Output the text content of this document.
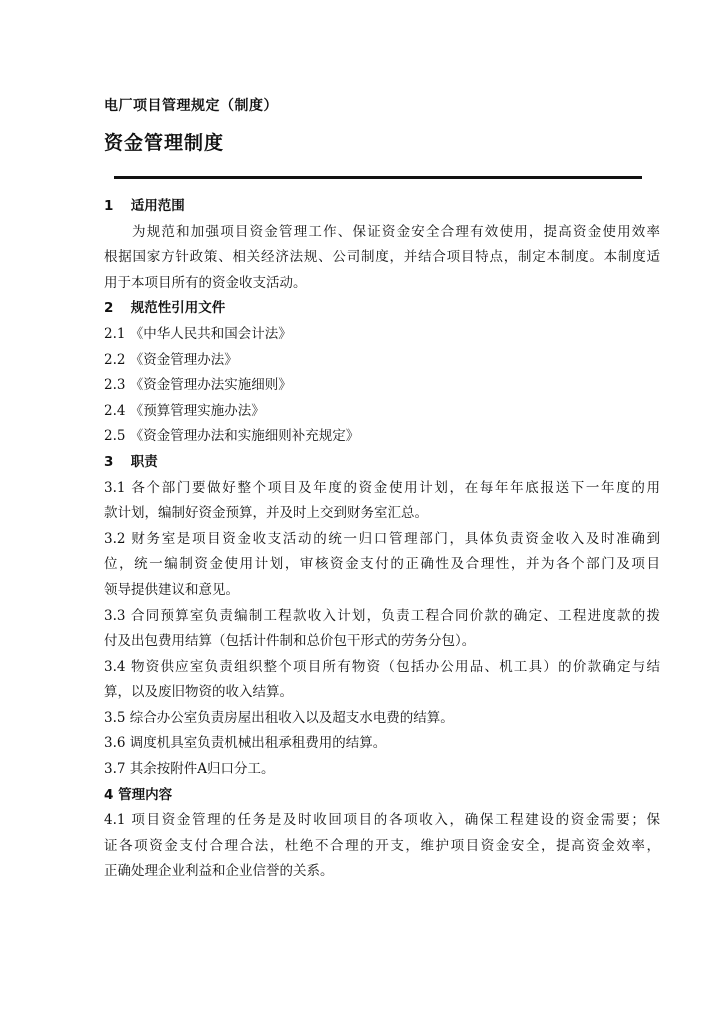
电厂项目管理规定（制度）
资金管理制度
1 适用范围
为规范和加强项目资金管理工作、保证资金安全合理有效使用，提高资金使用效率
根据国家方针政策、相关经济法规、公司制度，并结合项目特点，制定本制度。本制度适
用于本项目所有的资金收支活动。
2 规范性引用文件
2.1 《中华人民共和国会计法》
2.2 《资金管理办法》
2.3 《资金管理办法实施细则》
2.4 《预算管理实施办法》
2.5 《资金管理办法和实施细则补充规定》
3 职责
3.1 各个部门要做好整个项目及年度的资金使用计划，在每年年底报送下一年度的用
款计划，编制好资金预算，并及时上交到财务室汇总。
3.2 财务室是项目资金收支活动的统一归口管理部门，具体负责资金收入及时准确到
位，统一编制资金使用计划，审核资金支付的正确性及合理性，并为各个部门及项目
领导提供建议和意见。
3.3 合同预算室负责编制工程款收入计划，负责工程合同价款的确定、工程进度款的拨
付及出包费用结算（包括计件制和总价包干形式的劳务分包）。
3.4 物资供应室负责组织整个项目所有物资（包括办公用品、机工具）的价款确定与结
算，以及废旧物资的收入结算。
3.5 综合办公室负责房屋出租收入以及超支水电费的结算。
3.6 调度机具室负责机械出租承租费用的结算。
3.7 其余按附件A归口分工。
4 管理内容
4.1 项目资金管理的任务是及时收回项目的各项收入，确保工程建设的资金需要；保
证各项资金支付合理合法，杜绝不合理的开支，维护项目资金安全，提高资金效率，
正确处理企业利益和企业信誉的关系。
